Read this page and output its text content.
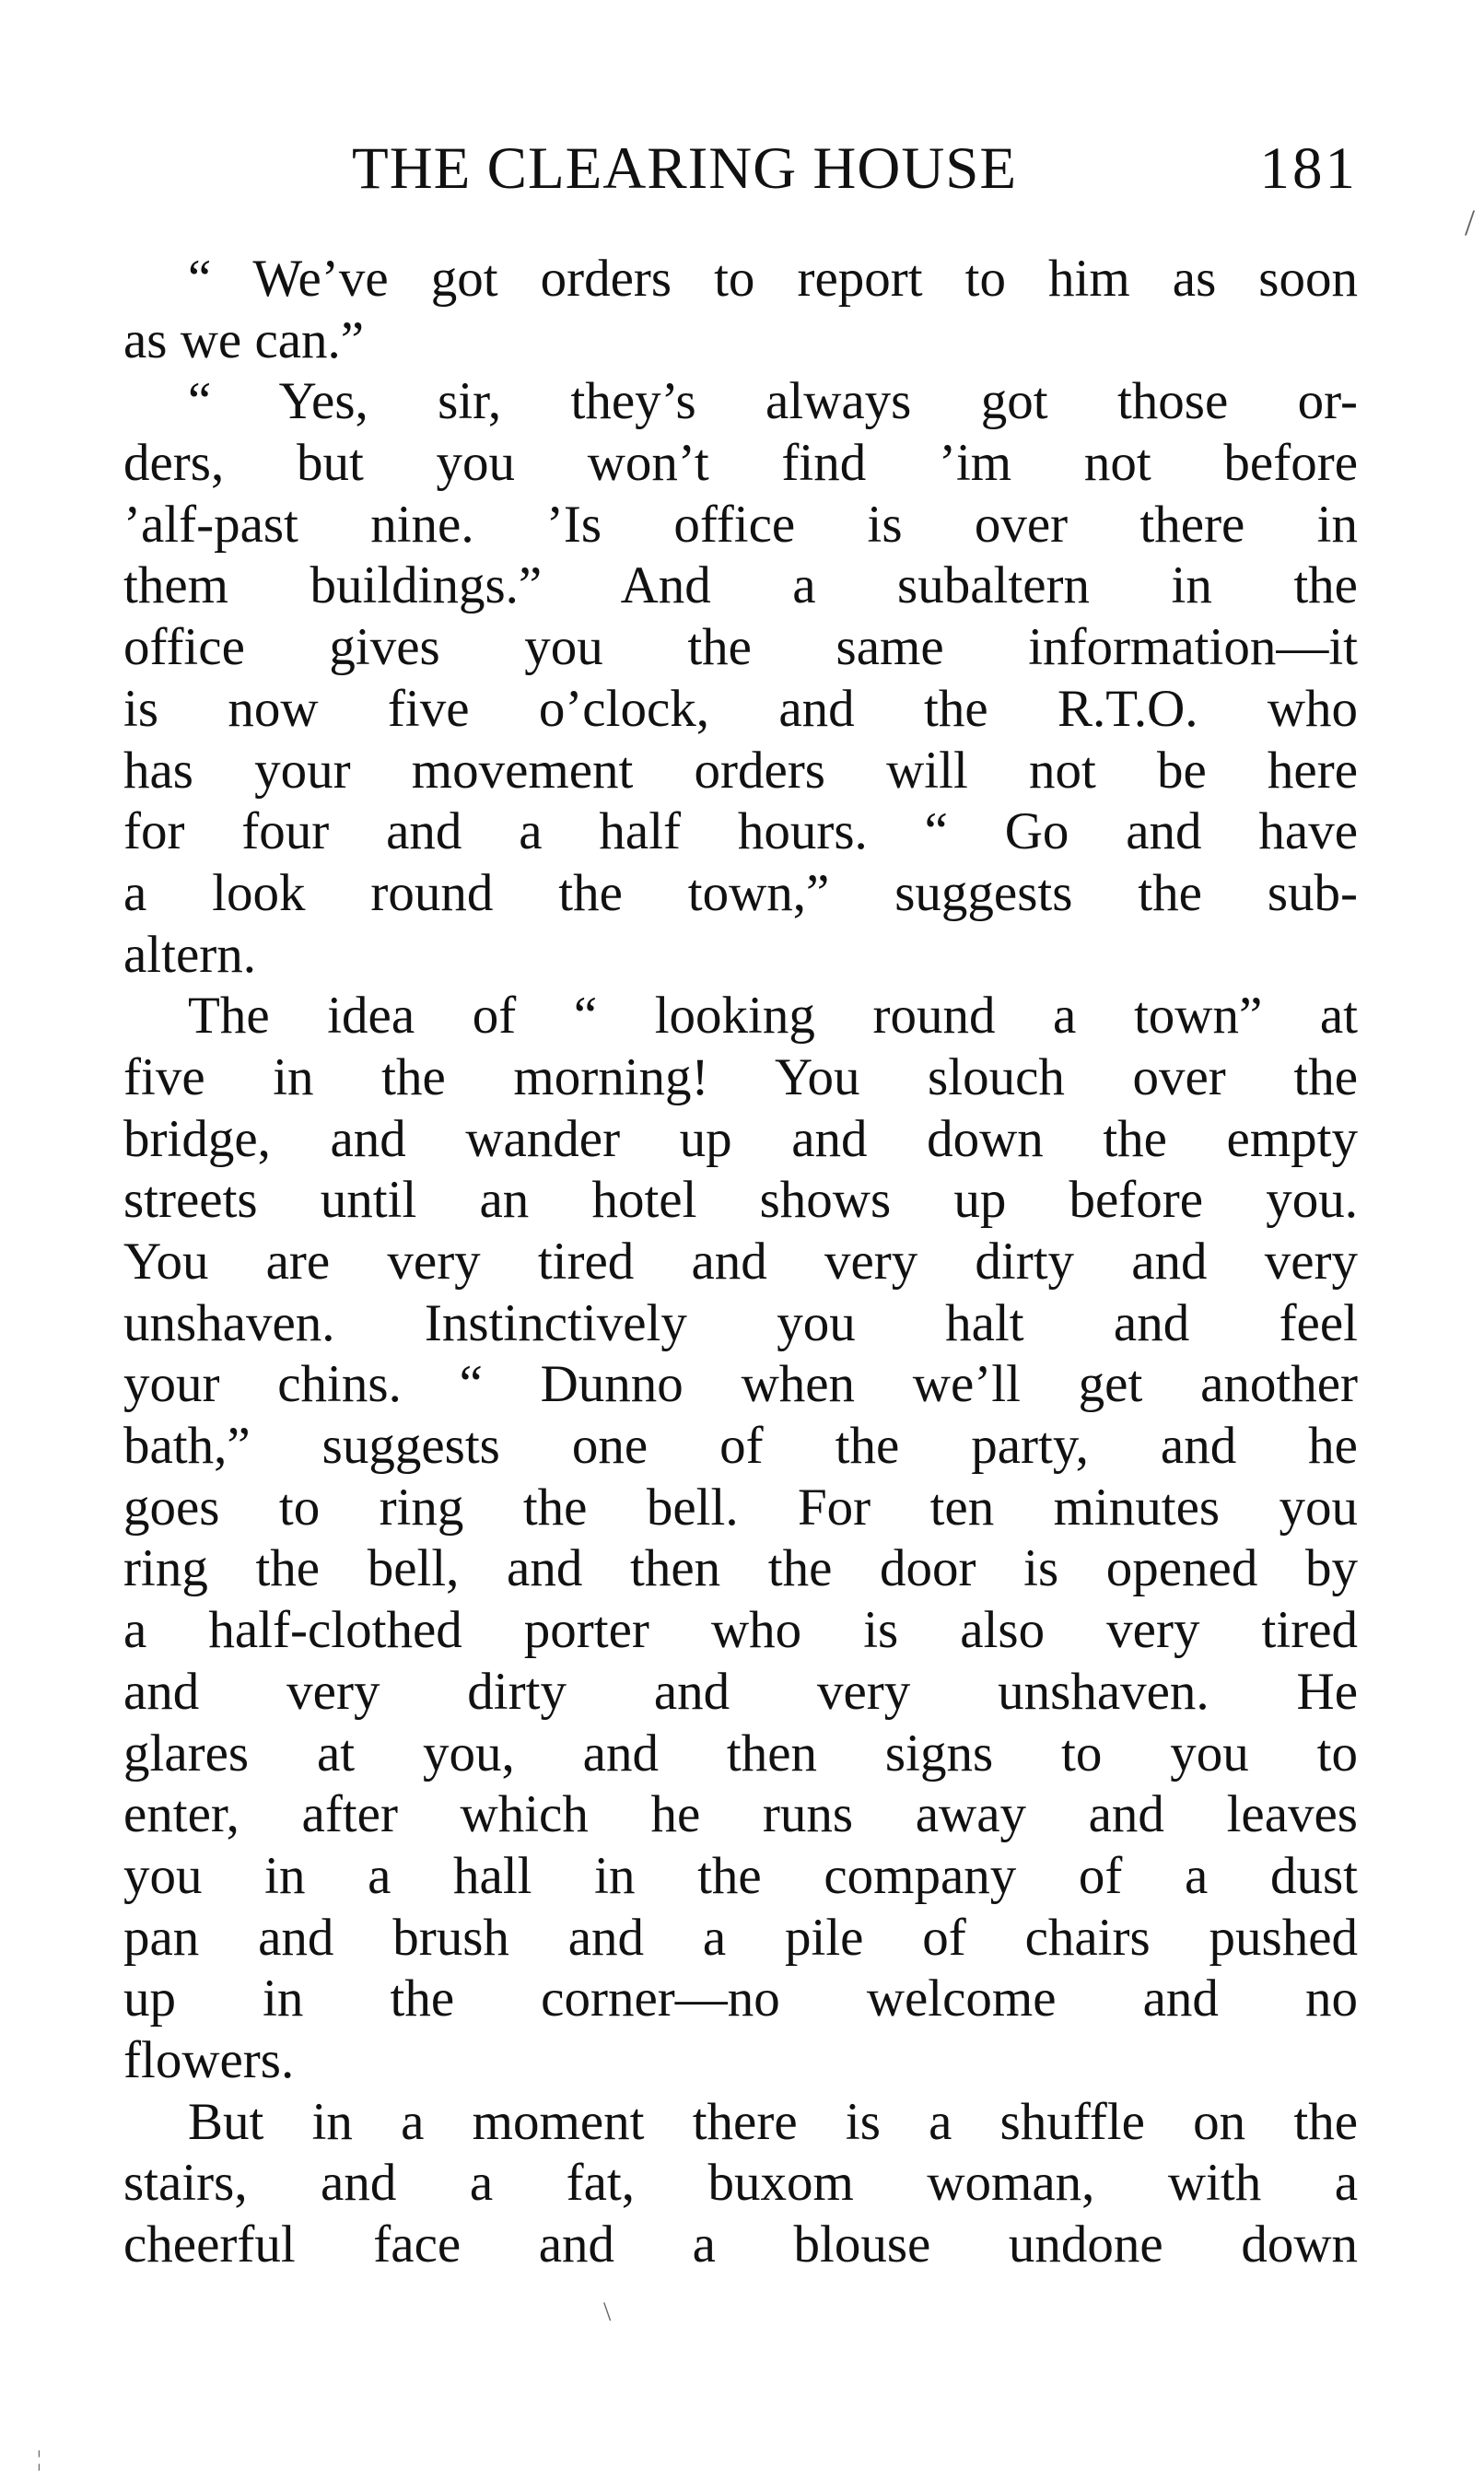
THE CLEARING HOUSE	181
“ We’ve got orders to report to him as soon
as we can.”
“ Yes, sir, they’s always got those or-
ders, but you won’t find ’im not before
’alf-past nine. ’Is office is over there in
them buildings.” And a subaltern in the
office gives you the same information—it
is now five o’clock, and the R.T.O. who
has your movement orders will not be here
for four and a half hours. “ Go and have
a look round the town,” suggests the sub-
altern.
The idea of “ looking round a town” at
five in the morning! You slouch over the
bridge, and wander up and down the empty
streets until an hotel shows up before you.
You are very tired and very dirty and very
unshaven. Instinctively you halt and feel
your chins. “ Dunno when we’ll get another
bath,” suggests one of the party, and he
goes to ring the bell. For ten minutes you
ring the bell, and then the door is opened by
a half-clothed porter who is also very tired
and very dirty and very unshaven. He
glares at you, and then signs to you to
enter, after which he runs away and leaves
you in a hall in the company of a dust
pan and brush and a pile of chairs pushed
up in the corner—no welcome and no
flowers.
But in a moment there is a shuffle on the
stairs, and a fat, buxom woman, with a
cheerful face and a blouse undone down
/
\
¦
